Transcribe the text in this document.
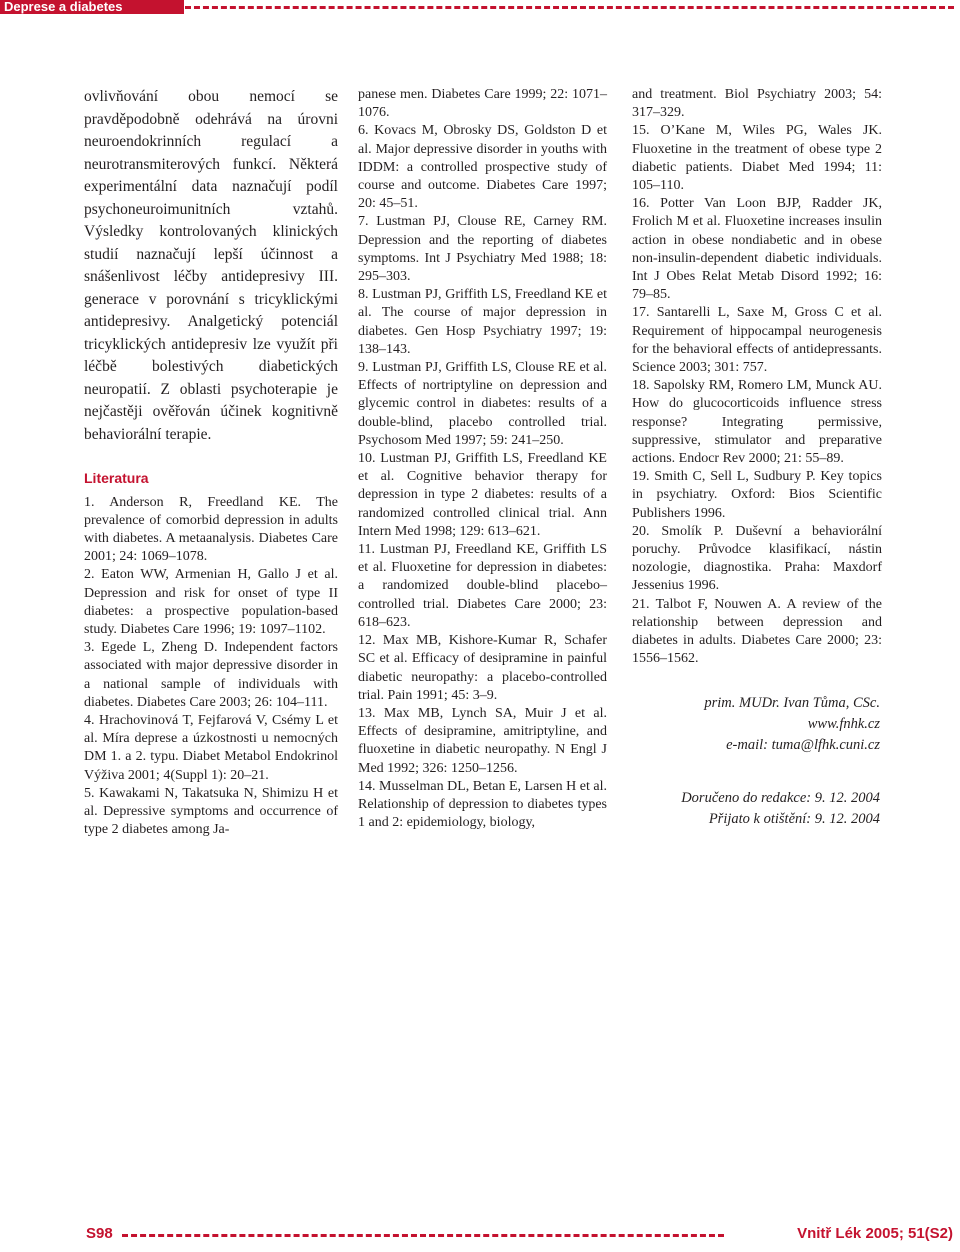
Deprese a diabetes

ovlivňování obou nemocí se pravděpodobně odehrává na úrovni neuroendokrinních regulací a neurotransmiterových funkcí. Některá experimentální data naznačují podíl psychoneuroimunitních vztahů. Výsledky kontrolovaných klinických studií naznačují lepší účinnost a snášenlivost léčby antidepresivy III. generace v porovnání s tricyklickými antidepresivy. Analgetický potenciál tricyklických antidepresiv lze využít při léčbě bolestivých diabetických neuropatií. Z oblasti psychoterapie je nejčastěji ověřován účinek kognitivně behaviorální terapie.

Literatura

1. Anderson R, Freedland KE. The prevalence of comorbid depression in adults with diabetes. A metaanalysis. Diabetes Care 2001; 24: 1069–1078.

2. Eaton WW, Armenian H, Gallo J et al. Depression and risk for onset of type II diabetes: a prospective population-based study. Diabetes Care 1996; 19: 1097–1102.

3. Egede L, Zheng D. Independent factors associated with major depressive disorder in a national sample of individuals with diabetes. Diabetes Care 2003; 26: 104–111.

4. Hrachovinová T, Fejfarová V, Csémy L et al. Míra deprese a úzkostnosti u nemocných DM 1. a 2. typu. Diabet Metabol Endokrinol Výživa 2001; 4(Suppl 1): 20–21.

5. Kawakami N, Takatsuka N, Shimizu H et al. Depressive symptoms and occurrence of type 2 diabetes among Ja-

panese men. Diabetes Care 1999; 22: 1071–1076.

6. Kovacs M, Obrosky DS, Goldston D et al. Major depressive disorder in youths with IDDM: a controlled prospective study of course and outcome. Diabetes Care 1997; 20: 45–51.

7. Lustman PJ, Clouse RE, Carney RM. Depression and the reporting of diabetes symptoms. Int J Psychiatry Med 1988; 18: 295–303.

8. Lustman PJ, Griffith LS, Freedland KE et al. The course of major depression in diabetes. Gen Hosp Psychiatry 1997; 19: 138–143.

9. Lustman PJ, Griffith LS, Clouse RE et al. Effects of nortriptyline on depression and glycemic control in diabetes: results of a double-blind, placebo controlled trial. Psychosom Med 1997; 59: 241–250.

10. Lustman PJ, Griffith LS, Freedland KE et al. Cognitive behavior therapy for depression in type 2 diabetes: results of a randomized controlled clinical trial. Ann Intern Med 1998; 129: 613–621.

11. Lustman PJ, Freedland KE, Griffith LS et al. Fluoxetine for depression in diabetes: a randomized double-blind placebo–controlled trial. Diabetes Care 2000; 23: 618–623.

12. Max MB, Kishore-Kumar R, Schafer SC et al. Efficacy of desipramine in painful diabetic neuropathy: a placebo-controlled trial. Pain 1991; 45: 3–9.

13. Max MB, Lynch SA, Muir J et al. Effects of desipramine, amitriptyline, and fluoxetine in diabetic neuropathy. N Engl J Med 1992; 326: 1250–1256.

14. Musselman DL, Betan E, Larsen H et al. Relationship of depression to diabetes types 1 and 2: epidemiology, biology,

and treatment. Biol Psychiatry 2003; 54: 317–329.

15. O’Kane M, Wiles PG, Wales JK. Fluoxetine in the treatment of obese type 2 diabetic patients. Diabet Med 1994; 11: 105–110.

16. Potter Van Loon BJP, Radder JK, Frolich M et al. Fluoxetine increases insulin action in obese nondiabetic and in obese non-insulin-dependent diabetic individuals. Int J Obes Relat Metab Disord 1992; 16: 79–85.

17. Santarelli L, Saxe M, Gross C et al. Requirement of hippocampal neurogenesis for the behavioral effects of antidepressants. Science 2003; 301: 757.

18. Sapolsky RM, Romero LM, Munck AU. How do glucocorticoids influence stress response? Integrating permissive, suppressive, stimulator and preparative actions. Endocr Rev 2000; 21: 55–89.

19. Smith C, Sell L, Sudbury P. Key topics in psychiatry. Oxford: Bios Scientific Publishers 1996.

20. Smolík P. Duševní a behaviorální poruchy. Průvodce klasifikací, nástin nozologie, diagnostika. Praha: Maxdorf Jessenius 1996.

21. Talbot F, Nouwen A. A review of the relationship between depression and diabetes in adults. Diabetes Care 2000; 23: 1556–1562.

prim. MUDr. Ivan Tůma, CSc.
www.fnhk.cz
e-mail: tuma@lfhk.cuni.cz
Doručeno do redakce: 9. 12. 2004
Přijato k otištění: 9. 12. 2004
S98	Vnitř Lék 2005; 51(S2)
